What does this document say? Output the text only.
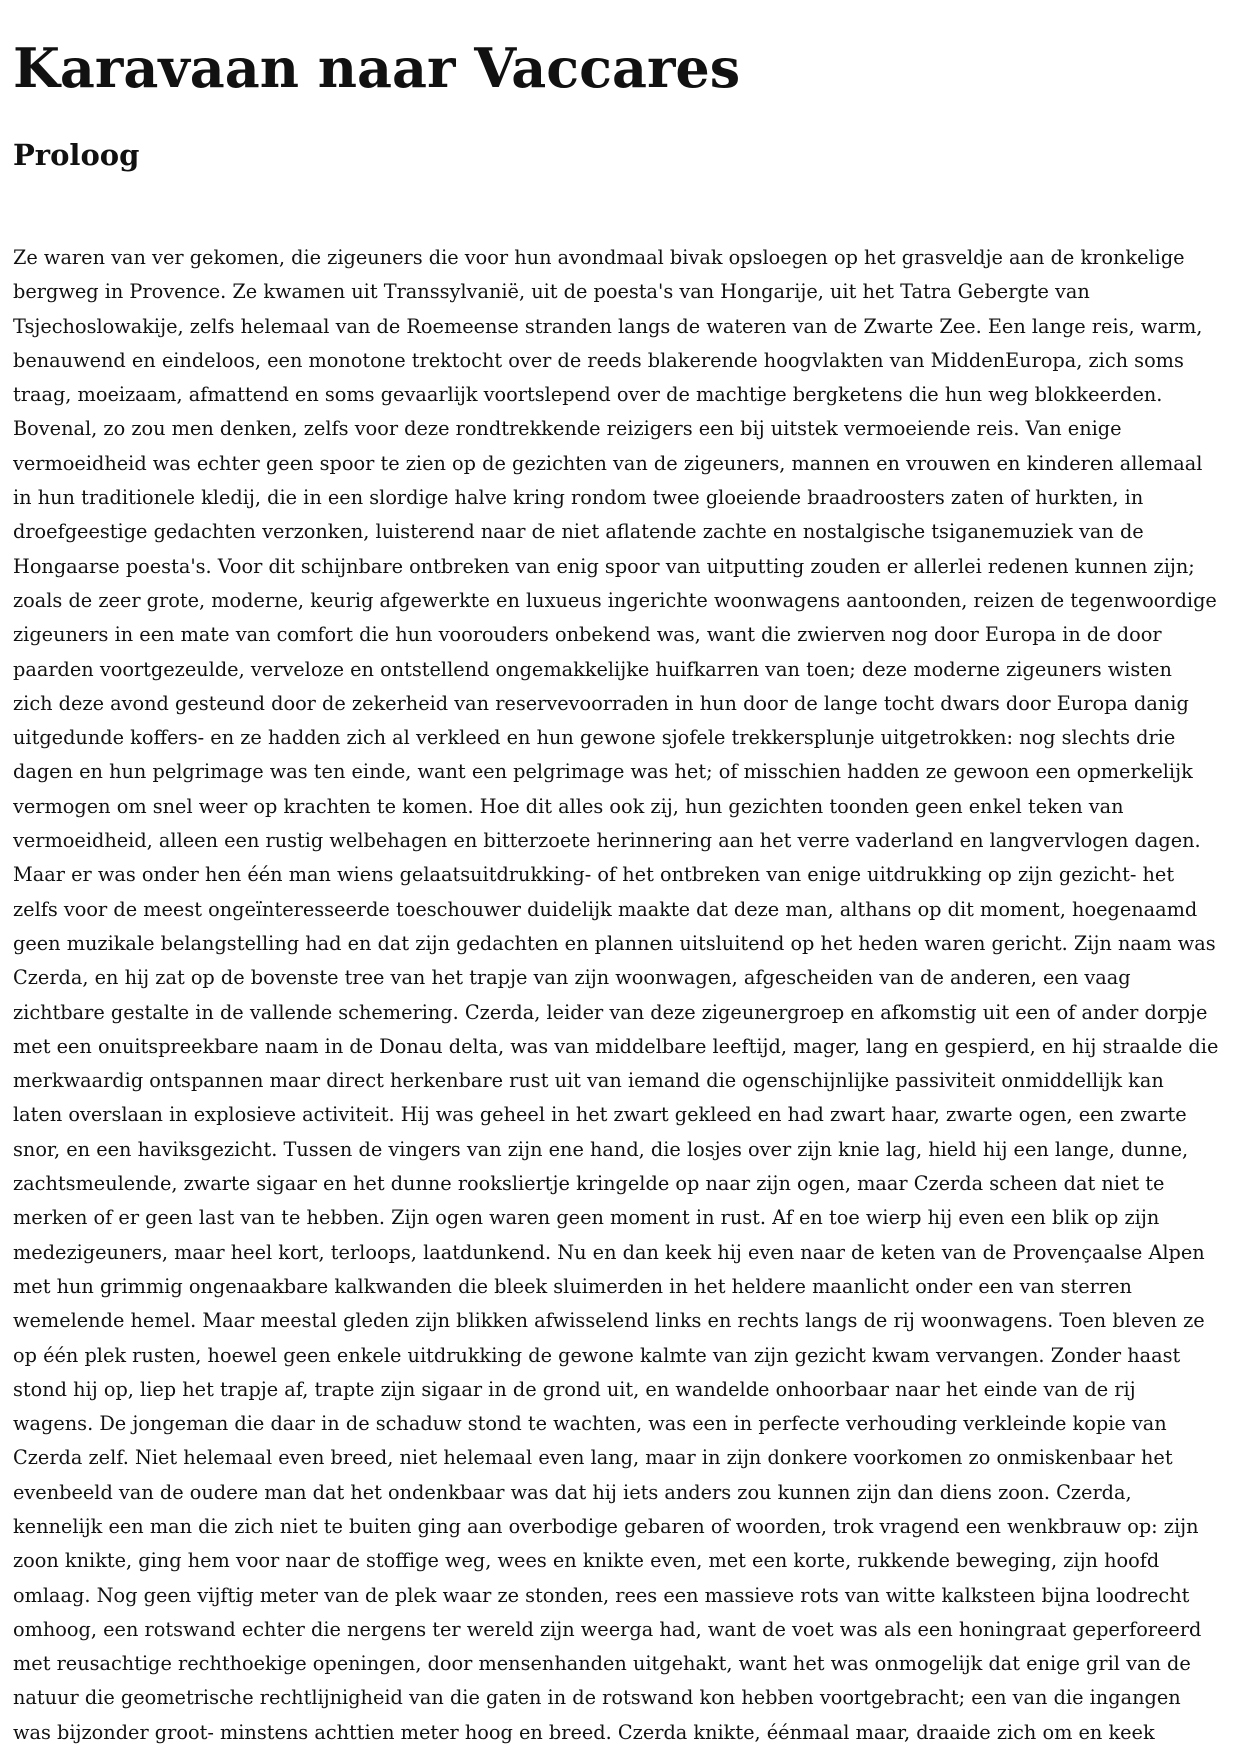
Karavaan naar Vaccares
Proloog
Ze waren van ver gekomen, die zigeuners die voor hun avondmaal bivak opsloegen op het grasveldje aan de kronkelige
bergweg in Provence. Ze kwamen uit Transsylvanië, uit de poesta's van Hongarije, uit het Tatra Gebergte van
Tsjechoslowakije, zelfs helemaal van de Roemeense stranden langs de wateren van de Zwarte Zee. Een lange reis, warm,
benauwend en eindeloos, een monotone trektocht over de reeds blakerende hoogvlakten van MiddenEuropa, zich soms
traag, moeizaam, afmattend en soms gevaarlijk voortslepend over de machtige bergketens die hun weg blokkeerden.
Bovenal, zo zou men denken, zelfs voor deze rondtrekkende reizigers een bij uitstek vermoeiende reis. Van enige
vermoeidheid was echter geen spoor te zien op de gezichten van de zigeuners, mannen en vrouwen en kinderen allemaal
in hun traditionele kledij, die in een slordige halve kring rondom twee gloeiende braadroosters zaten of hurkten, in
droefgeestige gedachten verzonken, luisterend naar de niet aflatende zachte en nostalgische tsiganemuziek van de
Hongaarse poesta's. Voor dit schijnbare ontbreken van enig spoor van uitputting zouden er allerlei redenen kunnen zijn;
zoals de zeer grote, moderne, keurig afgewerkte en luxueus ingerichte woonwagens aantoonden, reizen de tegenwoordige
zigeuners in een mate van comfort die hun voorouders onbekend was, want die zwierven nog door Europa in de door
paarden voortgezeulde, verveloze en ontstellend ongemakkelijke huifkarren van toen; deze moderne zigeuners wisten
zich deze avond gesteund door de zekerheid van reservevoorraden in hun door de lange tocht dwars door Europa danig
uitgedunde koffers- en ze hadden zich al verkleed en hun gewone sjofele trekkersplunje uitgetrokken: nog slechts drie
dagen en hun pelgrimage was ten einde, want een pelgrimage was het; of misschien hadden ze gewoon een opmerkelijk
vermogen om snel weer op krachten te komen. Hoe dit alles ook zij, hun gezichten toonden geen enkel teken van
vermoeidheid, alleen een rustig welbehagen en bitterzoete herinnering aan het verre vaderland en langvervlogen dagen.
Maar er was onder hen één man wiens gelaatsuitdrukking- of het ontbreken van enige uitdrukking op zijn gezicht- het
zelfs voor de meest ongeïnteresseerde toeschouwer duidelijk maakte dat deze man, althans op dit moment, hoegenaamd
geen muzikale belangstelling had en dat zijn gedachten en plannen uitsluitend op het heden waren gericht. Zijn naam was
Czerda, en hij zat op de bovenste tree van het trapje van zijn woonwagen, afgescheiden van de anderen, een vaag
zichtbare gestalte in de vallende schemering. Czerda, leider van deze zigeunergroep en afkomstig uit een of ander dorpje
met een onuitspreekbare naam in de Donau delta, was van middelbare leeftijd, mager, lang en gespierd, en hij straalde die
merkwaardig ontspannen maar direct herkenbare rust uit van iemand die ogenschijnlijke passiviteit onmiddellijk kan
laten overslaan in explosieve activiteit. Hij was geheel in het zwart gekleed en had zwart haar, zwarte ogen, een zwarte
snor, en een haviksgezicht. Tussen de vingers van zijn ene hand, die losjes over zijn knie lag, hield hij een lange, dunne,
zachtsmeulende, zwarte sigaar en het dunne rooksliertje kringelde op naar zijn ogen, maar Czerda scheen dat niet te
merken of er geen last van te hebben. Zijn ogen waren geen moment in rust. Af en toe wierp hij even een blik op zijn
medezigeuners, maar heel kort, terloops, laatdunkend. Nu en dan keek hij even naar de keten van de Provençaalse Alpen
met hun grimmig ongenaakbare kalkwanden die bleek sluimerden in het heldere maanlicht onder een van sterren
wemelende hemel. Maar meestal gleden zijn blikken afwisselend links en rechts langs de rij woonwagens. Toen bleven ze
op één plek rusten, hoewel geen enkele uitdrukking de gewone kalmte van zijn gezicht kwam vervangen. Zonder haast
stond hij op, liep het trapje af, trapte zijn sigaar in de grond uit, en wandelde onhoorbaar naar het einde van de rij
wagens. De jongeman die daar in de schaduw stond te wachten, was een in perfecte verhouding verkleinde kopie van
Czerda zelf. Niet helemaal even breed, niet helemaal even lang, maar in zijn donkere voorkomen zo onmiskenbaar het
evenbeeld van de oudere man dat het ondenkbaar was dat hij iets anders zou kunnen zijn dan diens zoon. Czerda,
kennelijk een man die zich niet te buiten ging aan overbodige gebaren of woorden, trok vragend een wenkbrauw op: zijn
zoon knikte, ging hem voor naar de stoffige weg, wees en knikte even, met een korte, rukkende beweging, zijn hoofd
omlaag. Nog geen vijftig meter van de plek waar ze stonden, rees een massieve rots van witte kalksteen bijna loodrecht
omhoog, een rotswand echter die nergens ter wereld zijn weerga had, want de voet was als een honingraat geperforeerd
met reusachtige rechthoekige openingen, door mensenhanden uitgehakt, want het was onmogelijk dat enige gril van de
natuur die geometrische rechtlijnigheid van die gaten in de rotswand kon hebben voortgebracht; een van die ingangen
was bijzonder groot- minstens achttien meter hoog en breed. Czerda knikte, éénmaal maar, draaide zich om en keek
